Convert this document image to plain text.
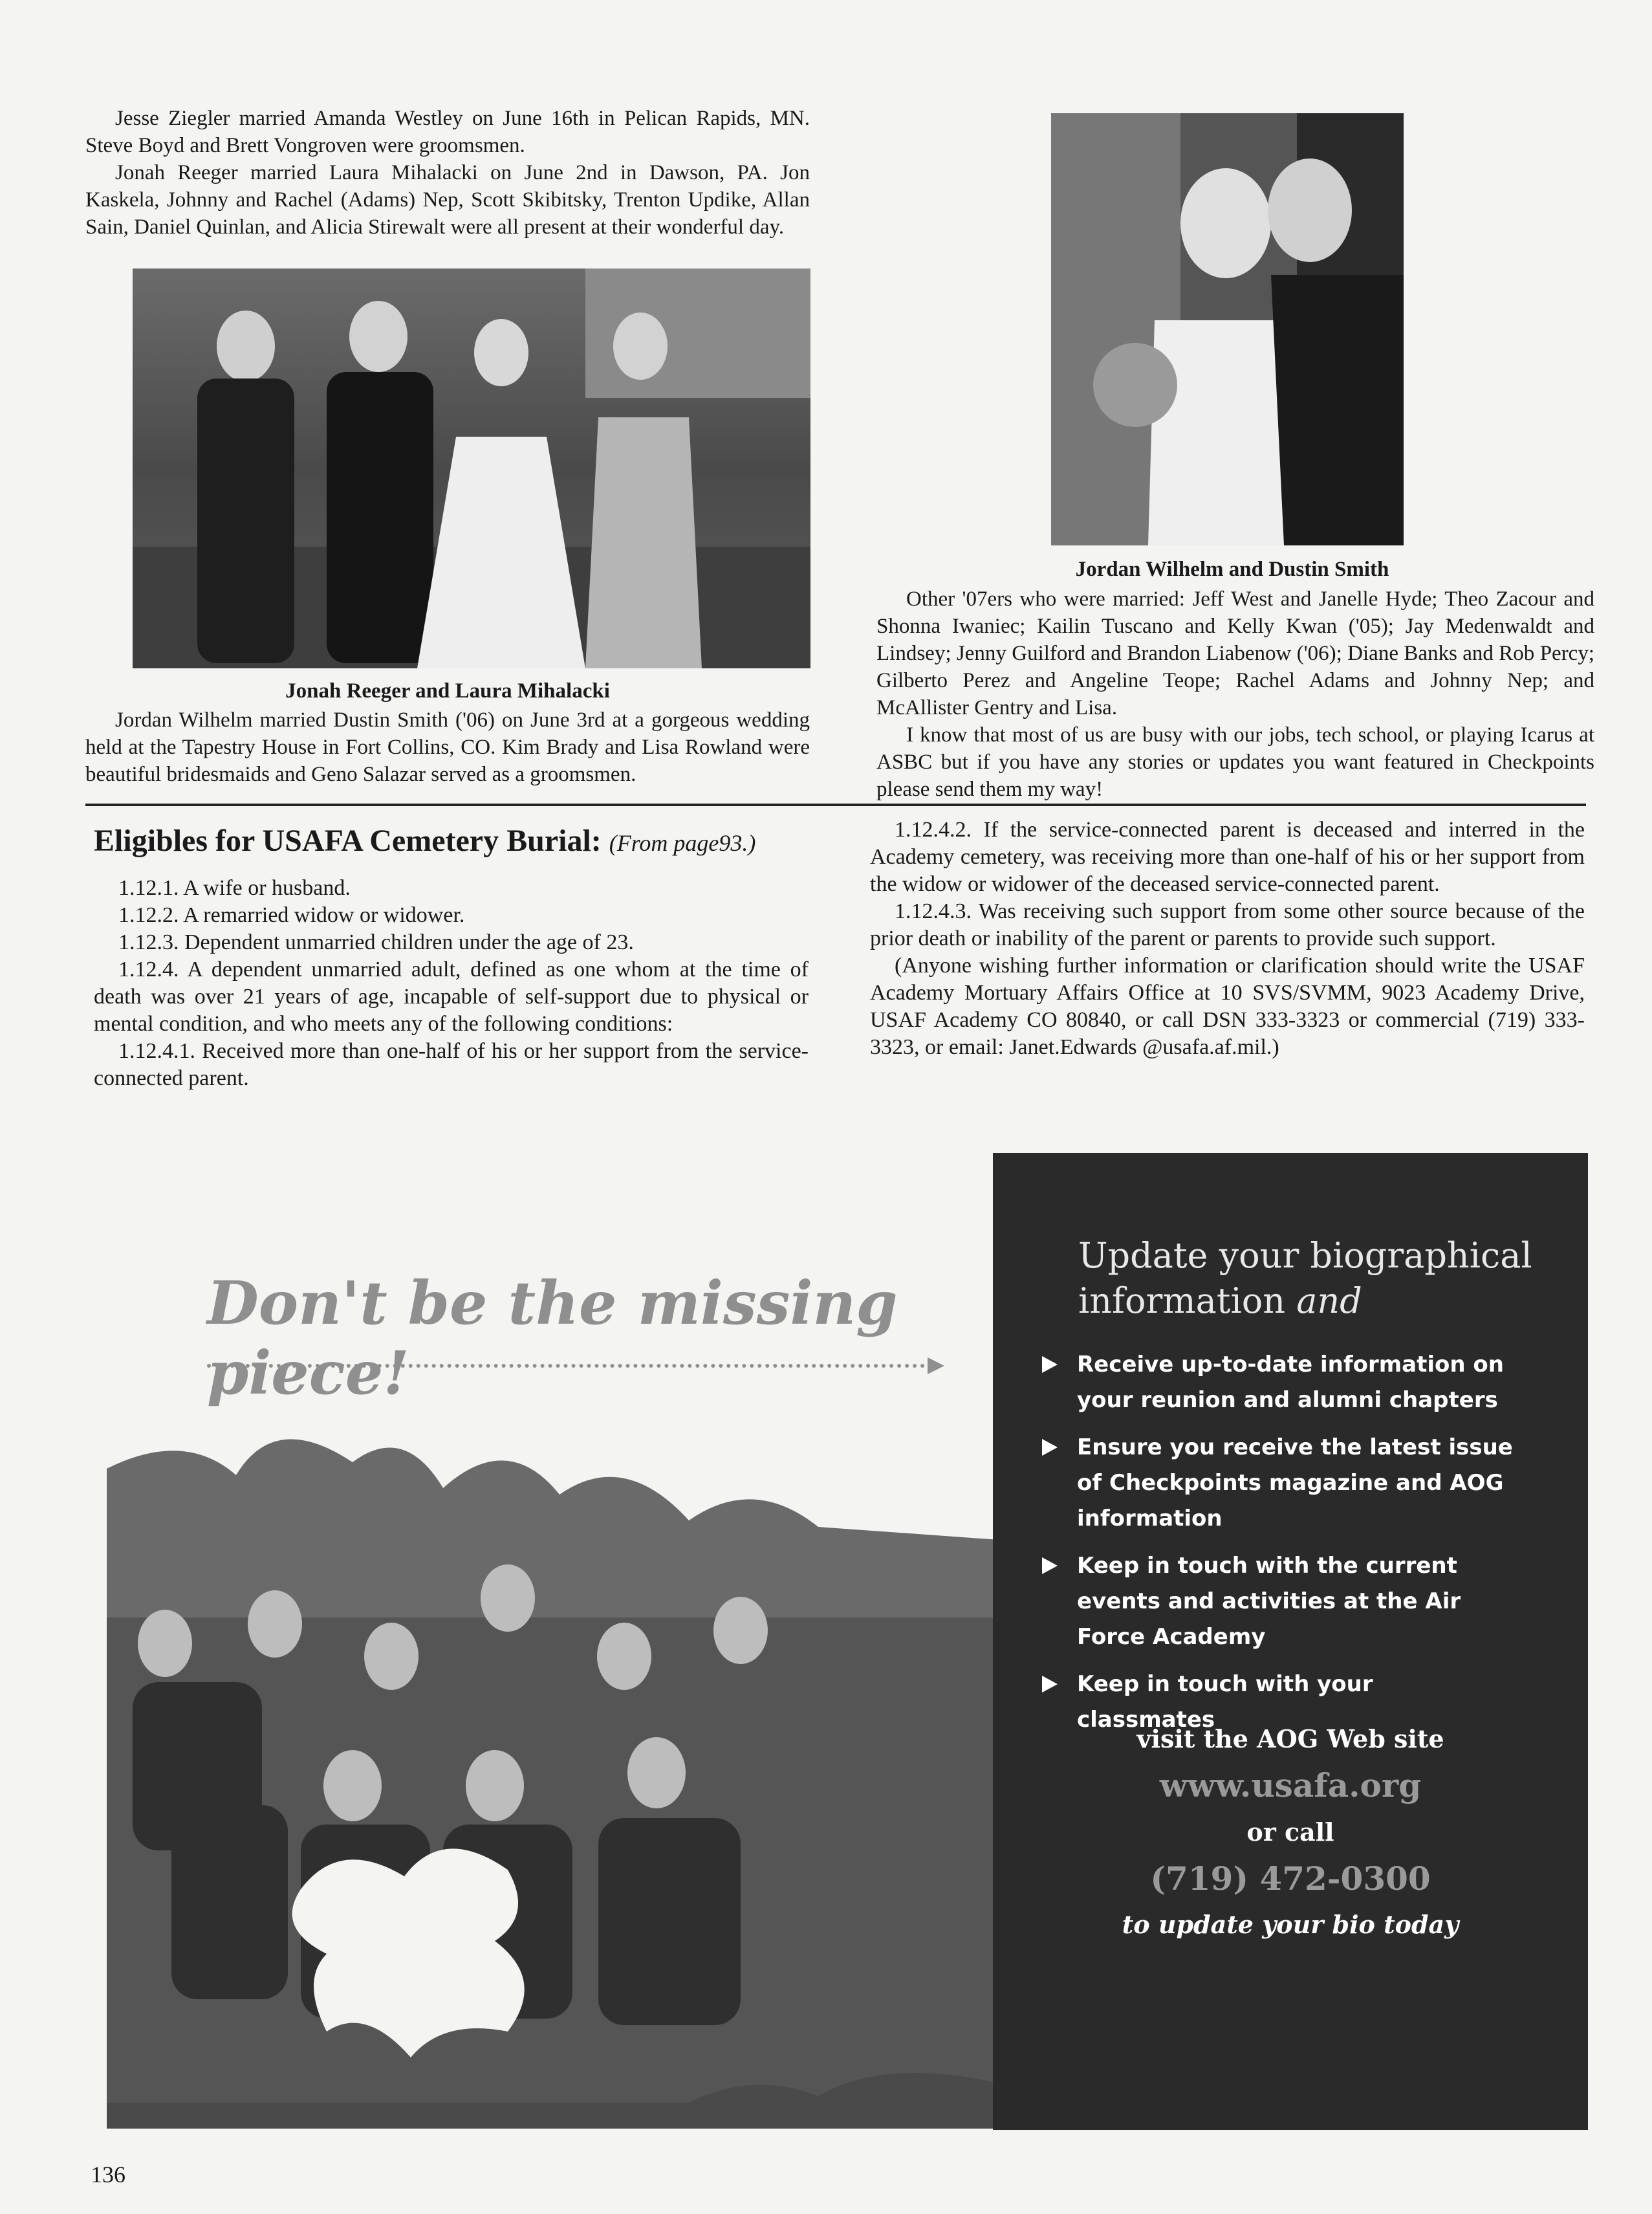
Jesse Ziegler married Amanda Westley on June 16th in Pelican Rapids, MN. Steve Boyd and Brett Vongroven were groomsmen.

Jonah Reeger married Laura Mihalacki on June 2nd in Dawson, PA. Jon Kaskela, Johnny and Rachel (Adams) Nep, Scott Skibitsky, Trenton Updike, Allan Sain, Daniel Quinlan, and Alicia Stirewalt were all present at their wonderful day.

Jonah Reeger and Laura Mihalacki

Jordan Wilhelm married Dustin Smith ('06) on June 3rd at a gorgeous wedding held at the Tapestry House in Fort Collins, CO. Kim Brady and Lisa Rowland were beautiful bridesmaids and Geno Salazar served as a groomsmen.

Jordan Wilhelm and Dustin Smith

Other '07ers who were married: Jeff West and Janelle Hyde; Theo Zacour and Shonna Iwaniec; Kailin Tuscano and Kelly Kwan ('05); Jay Medenwaldt and Lindsey; Jenny Guilford and Brandon Liabenow ('06); Diane Banks and Rob Percy; Gilberto Perez and Angeline Teope; Rachel Adams and Johnny Nep; and McAllister Gentry and Lisa.

I know that most of us are busy with our jobs, tech school, or playing Icarus at ASBC but if you have any stories or updates you want featured in Checkpoints please send them my way!

Eligibles for USAFA Cemetery Burial: (From page93.)

1.12.1. A wife or husband.

1.12.2. A remarried widow or widower.

1.12.3. Dependent unmarried children under the age of 23.

1.12.4. A dependent unmarried adult, defined as one whom at the time of death was over 21 years of age, incapable of self-support due to physical or mental condition, and who meets any of the following conditions:

1.12.4.1. Received more than one-half of his or her support from the service-connected parent.

1.12.4.2. If the service-connected parent is deceased and interred in the Academy cemetery, was receiving more than one-half of his or her support from the widow or widower of the deceased service-connected parent.

1.12.4.3. Was receiving such support from some other source because of the prior death or inability of the parent or parents to provide such support.

(Anyone wishing further information or clarification should write the USAF Academy Mortuary Affairs Office at 10 SVS/SVMM, 9023 Academy Drive, USAF Academy CO 80840, or call DSN 333-3323 or commercial (719) 333-3323, or email: Janet.Edwards @usafa.af.mil.)

Don't be the missing piece!
Update your biographical
information and
Receive up-to-date information on your reunion and alumni chapters
Ensure you receive the latest issue of Checkpoints magazine and AOG information
Keep in touch with the current events and activities at the Air Force Academy
Keep in touch with your classmates
visit the AOG Web site
www.usafa.org
or call
(719) 472-0300
to update your bio today
136
